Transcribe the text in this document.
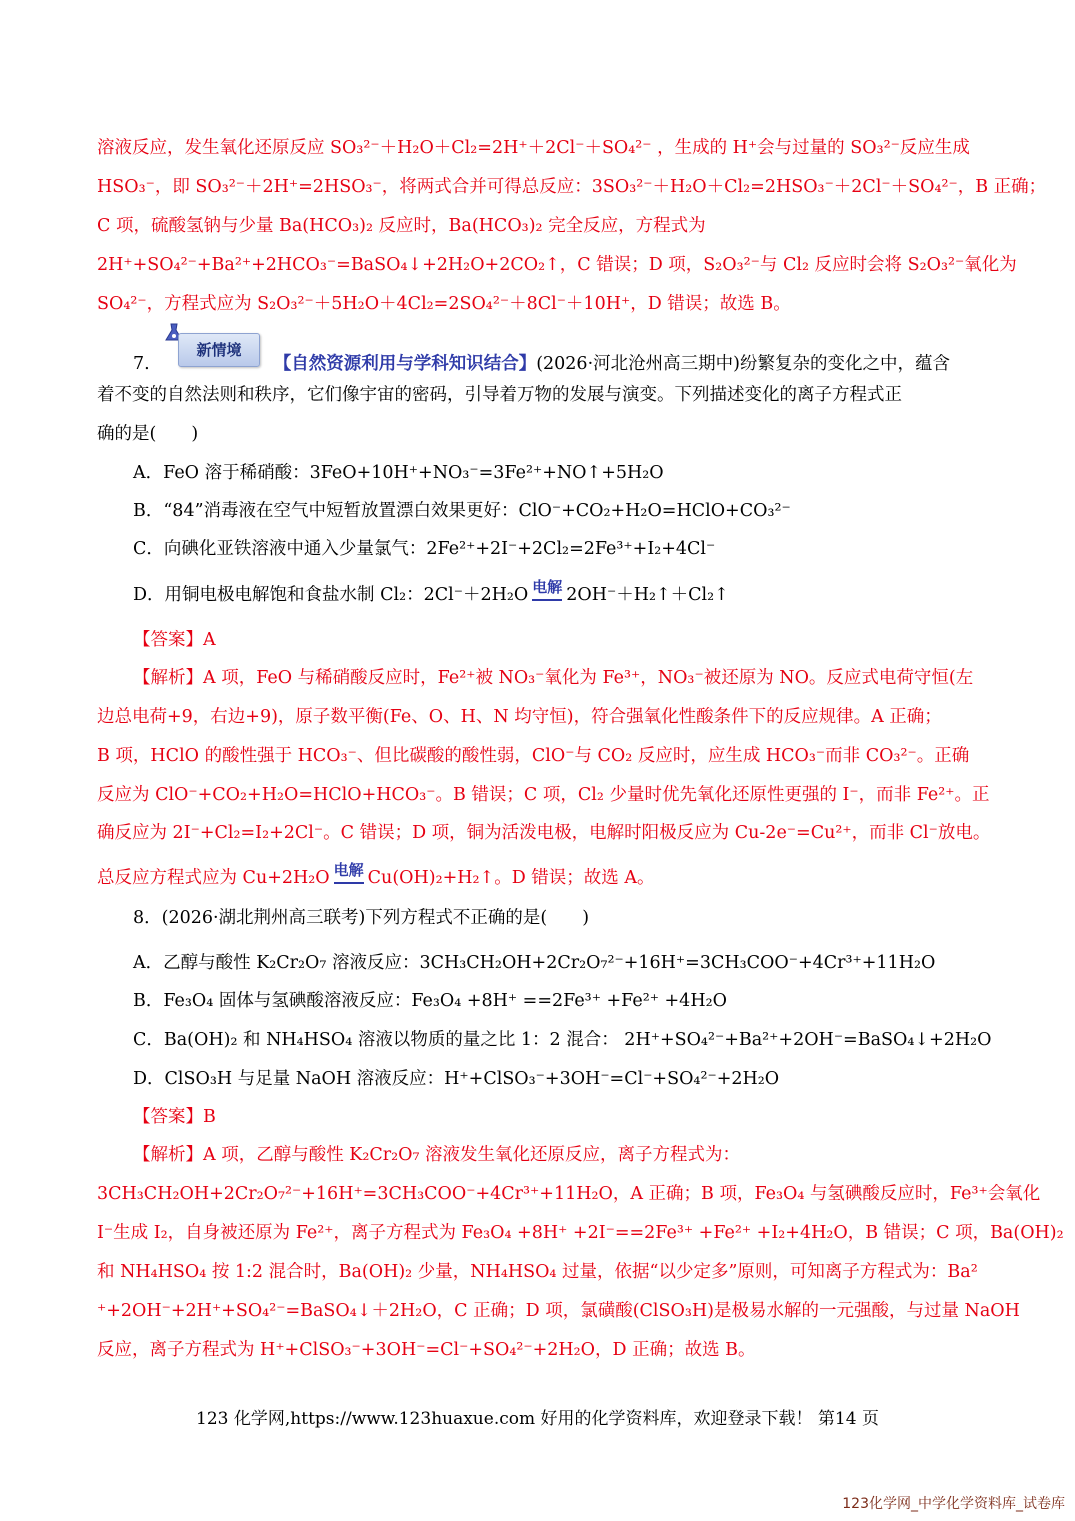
溶液反应，发生氧化还原反应 SO₃²⁻＋H₂O＋Cl₂=2H⁺＋2Cl⁻＋SO₄²⁻ ，生成的 H⁺会与过量的 SO₃²⁻反应生成
HSO₃⁻，即 SO₃²⁻＋2H⁺=2HSO₃⁻，将两式合并可得总反应：3SO₃²⁻＋H₂O＋Cl₂=2HSO₃⁻＋2Cl⁻＋SO₄²⁻，B 正确；
C 项，硫酸氢钠与少量 Ba(HCO₃)₂ 反应时，Ba(HCO₃)₂ 完全反应，方程式为
2H⁺+SO₄²⁻+Ba²⁺+2HCO₃⁻=BaSO₄↓+2H₂O+2CO₂↑，C 错误；D 项，S₂O₃²⁻与 Cl₂ 反应时会将 S₂O₃²⁻氧化为
SO₄²⁻，方程式应为 S₂O₃²⁻＋5H₂O＋4Cl₂=2SO₄²⁻＋8Cl⁻＋10H⁺，D 错误；故选 B。
新情境
7.	【自然资源利用与学科知识结合】(2026·河北沧州高三期中)纷繁复杂的变化之中，蕴含
着不变的自然法则和秩序，它们像宇宙的密码，引导着万物的发展与演变。下列描述变化的离子方程式正
确的是(　　)
A．FeO 溶于稀硝酸：3FeO+10H⁺+NO₃⁻=3Fe²⁺+NO↑+5H₂O
B．“84”消毒液在空气中短暂放置漂白效果更好：ClO⁻+CO₂+H₂O=HClO+CO₃²⁻
C．向碘化亚铁溶液中通入少量氯气：2Fe²⁺+2I⁻+2Cl₂=2Fe³⁺+I₂+4Cl⁻
D．用铜电极电解饱和食盐水制 Cl₂：2Cl⁻＋2H₂O 电解 2OH⁻＋H₂↑＋Cl₂↑
【答案】A
【解析】A 项，FeO 与稀硝酸反应时，Fe²⁺被 NO₃⁻氧化为 Fe³⁺，NO₃⁻被还原为 NO。反应式电荷守恒(左
边总电荷+9，右边+9)，原子数平衡(Fe、O、H、N 均守恒)，符合强氧化性酸条件下的反应规律。A 正确；
B 项，HClO 的酸性强于 HCO₃⁻、但比碳酸的酸性弱，ClO⁻与 CO₂ 反应时，应生成 HCO₃⁻而非 CO₃²⁻。正确
反应为 ClO⁻+CO₂+H₂O=HClO+HCO₃⁻。B 错误；C 项，Cl₂ 少量时优先氧化还原性更强的 I⁻，而非 Fe²⁺。正
确反应为 2I⁻+Cl₂=I₂+2Cl⁻。C 错误；D 项，铜为活泼电极，电解时阳极反应为 Cu-2e⁻=Cu²⁺，而非 Cl⁻放电。
总反应方程式应为 Cu+2H₂O 电解 Cu(OH)₂+H₂↑。D 错误；故选 A。
8．(2026·湖北荆州高三联考)下列方程式不正确的是(　　)
A．乙醇与酸性 K₂Cr₂O₇ 溶液反应：3CH₃CH₂OH+2Cr₂O₇²⁻+16H⁺=3CH₃COO⁻+4Cr³⁺+11H₂O
B．Fe₃O₄ 固体与氢碘酸溶液反应：Fe₃O₄ +8H⁺ ==2Fe³⁺ +Fe²⁺ +4H₂O
C．Ba(OH)₂ 和 NH₄HSO₄ 溶液以物质的量之比 1：2 混合： 2H⁺+SO₄²⁻+Ba²⁺+2OH⁻=BaSO₄↓+2H₂O
D．ClSO₃H 与足量 NaOH 溶液反应：H⁺+ClSO₃⁻+3OH⁻=Cl⁻+SO₄²⁻+2H₂O
【答案】B
【解析】A 项，乙醇与酸性 K₂Cr₂O₇ 溶液发生氧化还原反应，离子方程式为：
3CH₃CH₂OH+2Cr₂O₇²⁻+16H⁺=3CH₃COO⁻+4Cr³⁺+11H₂O，A 正确；B 项，Fe₃O₄ 与氢碘酸反应时，Fe³⁺会氧化
I⁻生成 I₂，自身被还原为 Fe²⁺，离子方程式为 Fe₃O₄ +8H⁺ +2I⁻==2Fe³⁺ +Fe²⁺ +I₂+4H₂O，B 错误；C 项，Ba(OH)₂
和 NH₄HSO₄ 按 1:2 混合时，Ba(OH)₂ 少量，NH₄HSO₄ 过量，依据“以少定多”原则，可知离子方程式为：Ba²
⁺+2OH⁻+2H⁺+SO₄²⁻=BaSO₄↓＋2H₂O，C 正确；D 项，氯磺酸(ClSO₃H)是极易水解的一元强酸，与过量 NaOH
反应，离子方程式为 H⁺+ClSO₃⁻+3OH⁻=Cl⁻+SO₄²⁻+2H₂O，D 正确；故选 B。
123 化学网,https://www.123huaxue.com 好用的化学资料库，欢迎登录下载！ 第14 页
123化学网_中学化学资料库_试卷库
